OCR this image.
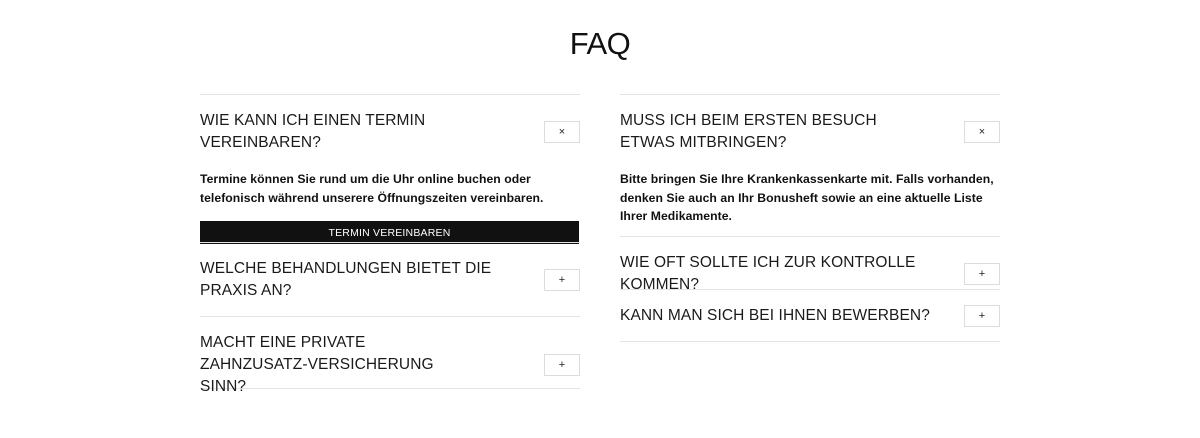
FAQ
WIE KANN ICH EINEN TERMIN VEREINBAREN?
×
Termine können Sie rund um die Uhr online buchen oder telefonisch während unserere Öffnungszeiten vereinbaren.
TERMIN VEREINBAREN
WELCHE BEHANDLUNGEN BIETET DIE PRAXIS AN?
+
MACHT EINE PRIVATE ZAHNZUSATZ-VERSICHERUNG SINN?
+
MUSS ICH BEIM ERSTEN BESUCH ETWAS MITBRINGEN?
×
Bitte bringen Sie Ihre Krankenkassenkarte mit. Falls vorhanden, denken Sie auch an Ihr Bonusheft sowie an eine aktuelle Liste Ihrer Medikamente.
WIE OFT SOLLTE ICH ZUR KONTROLLE KOMMEN?
+
KANN MAN SICH BEI IHNEN BEWERBEN?	+
